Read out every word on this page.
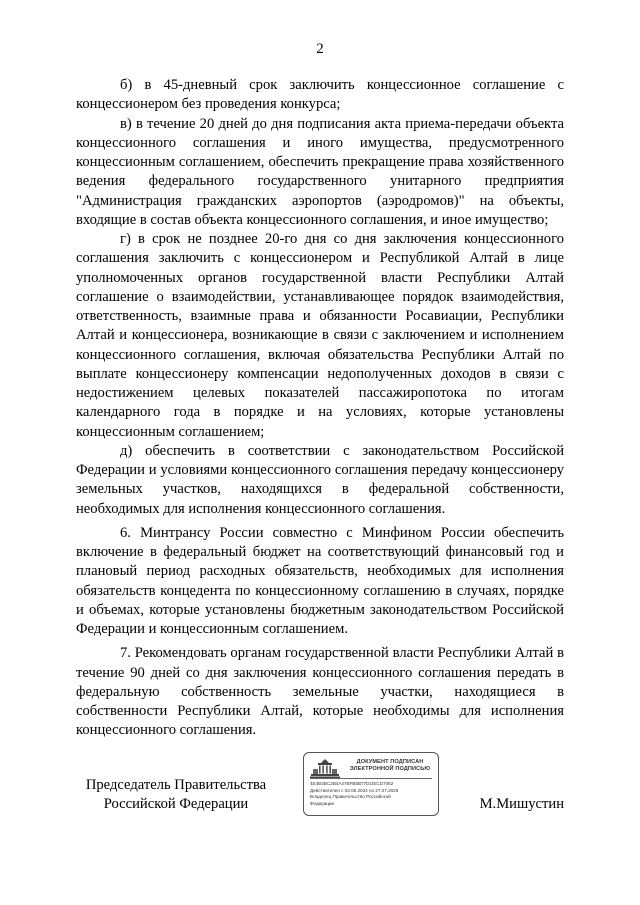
2

б) в 45-дневный срок заключить концессионное соглашение с концессионером без проведения конкурса;

в) в течение 20 дней до дня подписания акта приема-передачи объекта концессионного соглашения и иного имущества, предусмотренного концессионным соглашением, обеспечить прекращение права хозяйственного ведения федерального государственного унитарного предприятия "Администрация гражданских аэропортов (аэродромов)" на объекты, входящие в состав объекта концессионного соглашения, и иное имущество;

г) в срок не позднее 20-го дня со дня заключения концессионного соглашения заключить с концессионером и Республикой Алтай в лице уполномоченных органов государственной власти Республики Алтай соглашение о взаимодействии, устанавливающее порядок взаимодействия, ответственность, взаимные права и обязанности Росавиации, Республики Алтай и концессионера, возникающие в связи с заключением и исполнением концессионного соглашения, включая обязательства Республики Алтай по выплате концессионеру компенсации недополученных доходов в связи с недостижением целевых показателей пассажиропотока по итогам календарного года в порядке и на условиях, которые установлены концессионным соглашением;

д) обеспечить в соответствии с законодательством Российской Федерации и условиями концессионного соглашения передачу концессионеру земельных участков, находящихся в федеральной собственности, необходимых для исполнения концессионного соглашения.

6. Минтрансу России совместно с Минфином России обеспечить включение в федеральный бюджет на соответствующий финансовый год и плановый период расходных обязательств, необходимых для исполнения обязательств концедента по концессионному соглашению в случаях, порядке и объемах, которые установлены бюджетным законодательством Российской Федерации и концессионным соглашением.

7. Рекомендовать органам государственной власти Республики Алтай в течение 90 дней со дня заключения концессионного соглашения передать в федеральную собственность земельные участки, находящиеся в собственности Республики Алтай, которые необходимы для исполнения концессионного соглашения.

Председатель Правительства
Российской Федерации
ДОКУМЕНТ ПОДПИСАН
ЭЛЕКТРОННОЙ ПОДПИСЬЮ
4E4B4BC2B4A47BFB5B77D1IECD7062
Действителен с 03.05.2024 по 27.07.2025
Владелец Правительство Российской
Федерации	М.Мишустин
